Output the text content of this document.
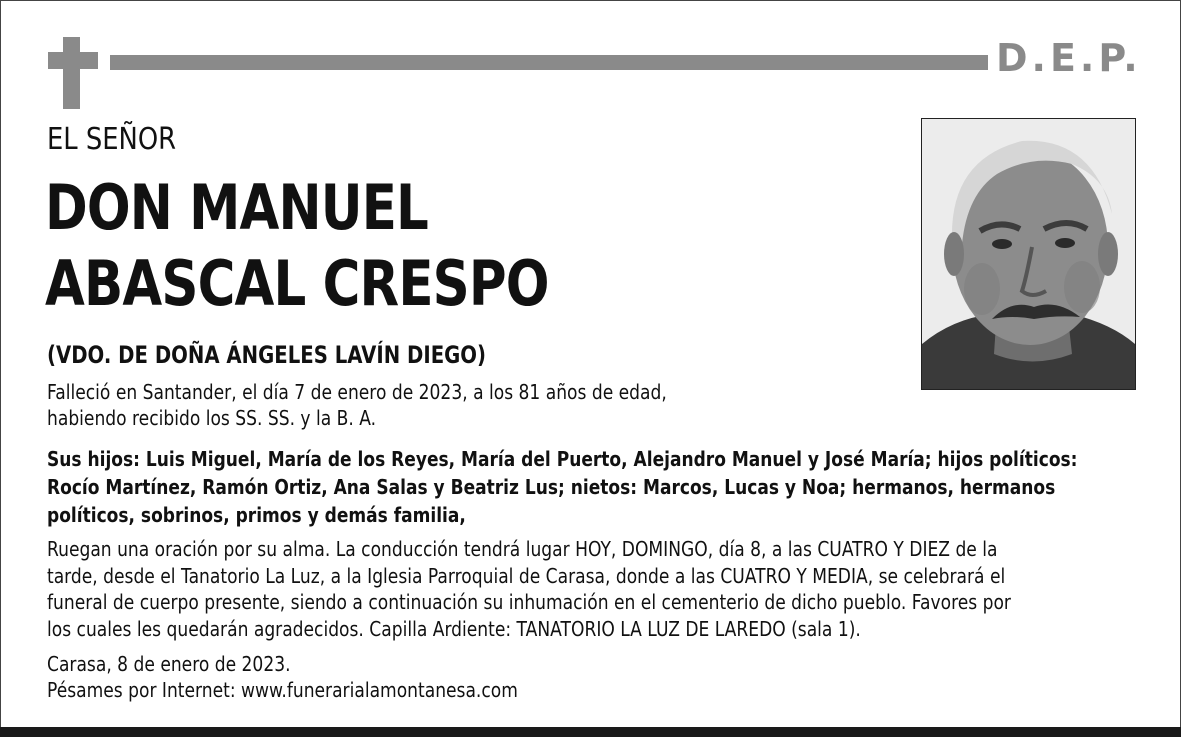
D.E.P.
EL SEÑOR
DON MANUEL
ABASCAL CRESPO
(VDO. DE DOÑA ÁNGELES LAVÍN DIEGO)
Falleció en Santander, el día 7 de enero de 2023, a los 81 años de edad,
habiendo recibido los SS. SS. y la B. A.
Sus hijos: Luis Miguel, María de los Reyes, María del Puerto, Alejandro Manuel y José María; hijos políticos:
Rocío Martínez, Ramón Ortiz, Ana Salas y Beatriz Lus; nietos: Marcos, Lucas y Noa; hermanos, hermanos
políticos, sobrinos, primos y demás familia,
Ruegan una oración por su alma. La conducción tendrá lugar HOY, DOMINGO, día 8, a las CUATRO Y DIEZ de la
tarde, desde el Tanatorio La Luz, a la Iglesia Parroquial de Carasa, donde a las CUATRO Y MEDIA, se celebrará el
funeral de cuerpo presente, siendo a continuación su inhumación en el cementerio de dicho pueblo. Favores por
los cuales les quedarán agradecidos. Capilla Ardiente: TANATORIO LA LUZ DE LAREDO (sala 1).
Carasa, 8 de enero de 2023.
Pésames por Internet: www.funerarialamontanesa.com
